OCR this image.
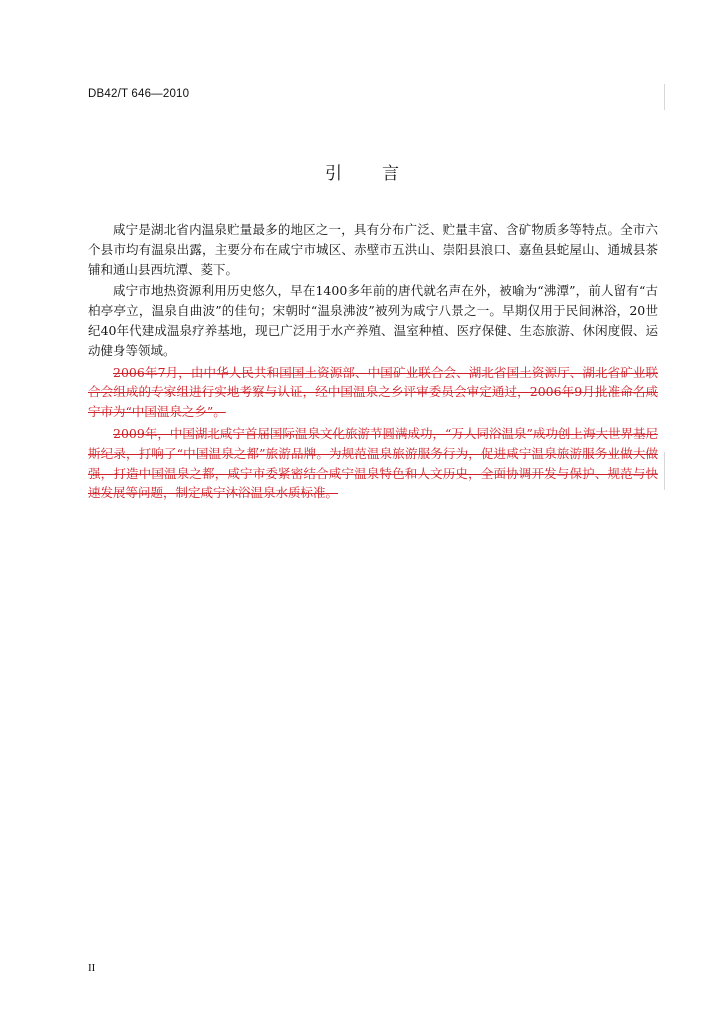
DB42/T 646—2010
引 言

咸宁是湖北省内温泉贮量最多的地区之一，具有分布广泛、贮量丰富、含矿物质多等特点。全市六个县市均有温泉出露，主要分布在咸宁市城区、赤壁市五洪山、崇阳县浪口、嘉鱼县蛇屋山、通城县茶铺和通山县西坑潭、菱下。

咸宁市地热资源利用历史悠久，早在1400多年前的唐代就名声在外，被喻为“沸潭”，前人留有“古柏亭亭立，温泉自曲波”的佳句；宋朝时“温泉沸波”被列为咸宁八景之一。早期仅用于民间淋浴，20世纪40年代建成温泉疗养基地，现已广泛用于水产养殖、温室种植、医疗保健、生态旅游、休闲度假、运动健身等领域。

2006年7月，由中华人民共和国国土资源部、中国矿业联合会、湖北省国土资源厅、湖北省矿业联合会组成的专家组进行实地考察与认证，经中国温泉之乡评审委员会审定通过，2006年9月批准命名咸宁市为“中国温泉之乡”。

2009年，中国湖北咸宁首届国际温泉文化旅游节圆满成功，“万人同浴温泉”成功创上海大世界基尼斯纪录，打响了“中国温泉之都”旅游品牌。为规范温泉旅游服务行为，促进咸宁温泉旅游服务业做大做强，打造中国温泉之都，咸宁市委紧密结合咸宁温泉特色和人文历史，全面协调开发与保护、规范与快速发展等问题，制定咸宁沐浴温泉水质标准。

II
